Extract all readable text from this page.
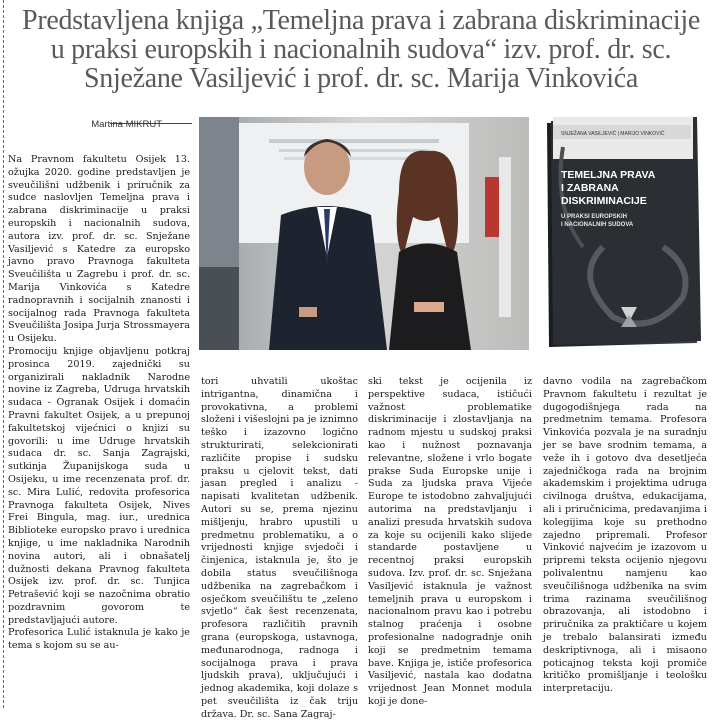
Predstavljena knjiga „Temeljna prava i zabrana diskriminacije u praksi europskih i nacionalnih sudova“ izv. prof. dr. sc. Snježane Vasiljević i prof. dr. sc. Marija Vinkovića
Martina MIKRUT
SNJEŽANA VASILJEVIĆ | MARIJO VINKOVIĆ
TEMELJNA PRAVA
I ZABRANA
DISKRIMINACIJE
U PRAKSI EUROPSKIH
I NACIONALNIH SUDOVA

Na Pravnom fakultetu Osijek 13. ožujka 2020. godine predstavljen je sveučilišni udžbenik i priručnik za sudce naslovljen Temeljna prava i zabrana diskriminacije u praksi europskih i nacionalnih sudova, autora izv. prof. dr. sc. Snježane Vasiljević s Katedre za europsko javno pravo Pravnoga fakulteta Sveučilišta u Zagrebu i prof. dr. sc. Marija Vinkovića s Katedre radnopravnih i socijalnih znanosti i socijalnog rada Pravnoga fakulteta Sveučilišta Josipa Jurja Strossmayera u Osijeku.

Promociju knjige objavljenu potkraj prosinca 2019. zajednički su organizirali nakladnik Narodne novine iz Zagreba, Udruga hrvatskih sudaca - Ogranak Osijek i domaćin Pravni fakultet Osijek, a u prepunoj fakultetskoj vijećnici o knjizi su govorili: u ime Udruge hrvatskih sudaca dr. sc. Sanja Zagrajski, sutkinja Županijskoga suda u Osijeku, u ime recenzenata prof. dr. sc. Mira Lulić, redovita profesorica Pravnoga fakulteta Osijek, Nives Frei Bingula, mag. iur., urednica Biblioteke europsko pravo i urednica knjige, u ime nakladnika Narodnih novina autori, ali i obnašatelj dužnosti dekana Pravnog fakulteta Osijek izv. prof. dr. sc. Tunjica Petrašević koji se nazočnima obratio pozdravnim govorom te predstavljajući autore.

Profesorica Lulić istaknula je kako je tema s kojom su se au-

tori uhvatili ukoštac intrigantna, dinamična i provokativna, a problemi složeni i višeslojni pa je iznimno teško i izazovno logično strukturirati, selekcionirati različite propise i sudsku praksu u cjelovit tekst, dati jasan pregled i analizu - napisati kvalitetan udžbenik. Autori su se, prema njezinu mišljenju, hrabro upustili u predmetnu problematiku, a o vrijednosti knjige svjedoči i činjenica, istaknula je, što je dobila status sveučilišnoga udžbenika na zagrebačkom i osječkom sveučilištu te „zeleno svjetlo“ čak šest recenzenata, profesora različitih pravnih grana (europskoga, ustavnoga, međunarodnoga, radnoga i socijalnoga prava i prava ljudskih prava), uključujući i jednog akademika, koji dolaze s pet sveučilišta iz čak triju država. Dr. sc. Sana Zagraj-

ski tekst je ocijenila iz perspektive sudaca, ističući važnost problematike diskriminacije i zlostavljanja na radnom mjestu u sudskoj praksi kao i nužnost poznavanja relevantne, složene i vrlo bogate prakse Suda Europske unije i Suda za ljudska prava Vijeće Europe te istodobno zahvaljujući autorima na predstavljanju i analizi presuda hrvatskih sudova za koje su ocijenili kako slijede standarde postavljene u recentnoj praksi europskih sudova. Izv. prof. dr. sc. Snježana Vasiljević istaknula je važnost temeljnih prava u europskom i nacionalnom pravu kao i potrebu stalnog praćenja i osobne profesionalne nadogradnje onih koji se predmetnim temama bave. Knjiga je, ističe profesorica Vasiljević, nastala kao dodatna vrijednost Jean Monnet modula koji je done-

davno vodila na zagrebačkom Pravnom fakultetu i rezultat je dugogodišnjega rada na predmetnim temama. Profesora Vinkovića pozvala je na suradnju jer se bave srodnim temama, a veže ih i gotovo dva desetljeća zajedničkoga rada na brojnim akademskim i projektima udruga civilnoga društva, edukacijama, ali i priručnicima, predavanjima i kolegijima koje su prethodno zajedno pripremali. Profesor Vinković najvećim je izazovom u pripremi teksta ocijenio njegovu polivalentnu namjenu kao sveučilišnoga udžbenika na svim trima razinama sveučilišnog obrazovanja, ali istodobno i priručnika za praktičare u kojem je trebalo balansirati između deskriptivnoga, ali i misaono poticajnog teksta koji promiče kritičko promišljanje i teološku interpretaciju.
